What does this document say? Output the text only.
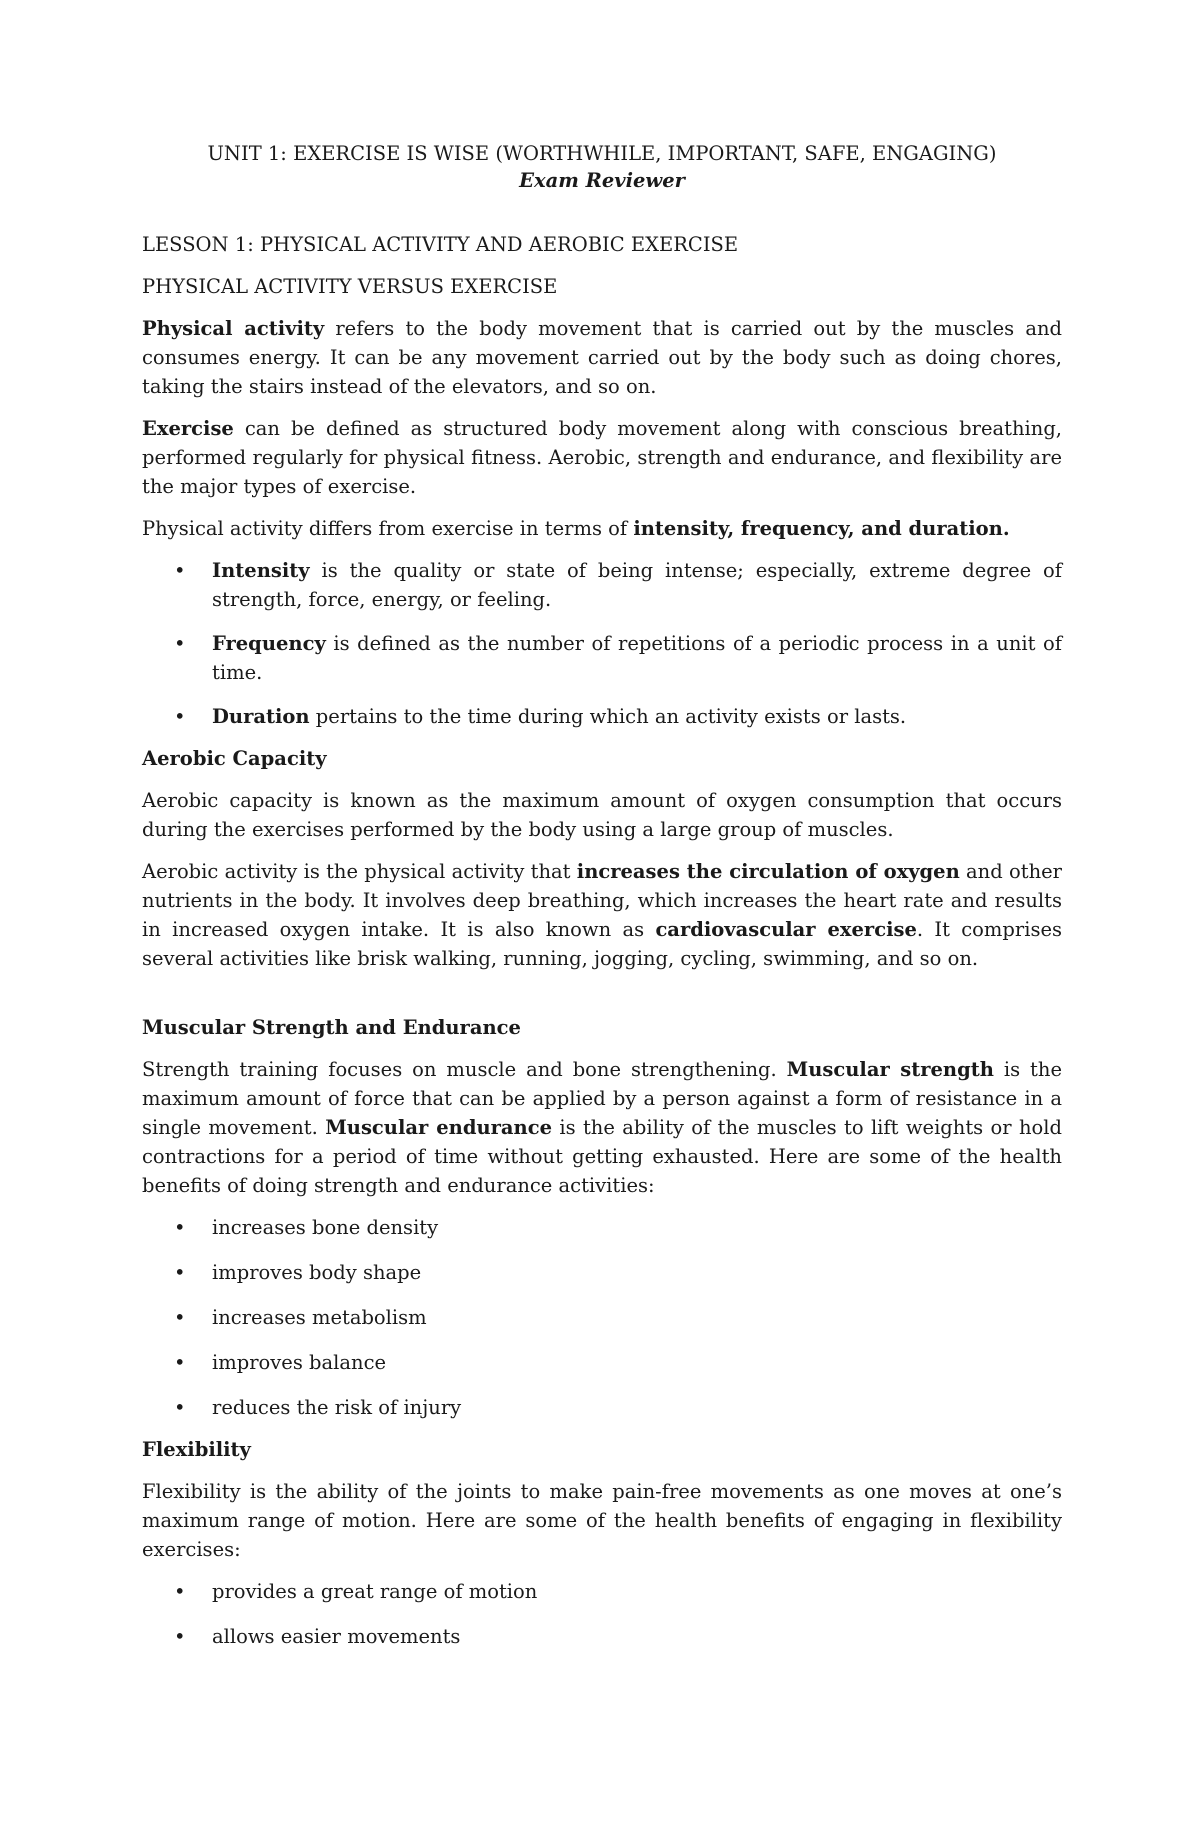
UNIT 1: EXERCISE IS WISE (WORTHWHILE, IMPORTANT, SAFE, ENGAGING)
Exam Reviewer
LESSON 1: PHYSICAL ACTIVITY AND AEROBIC EXERCISE
PHYSICAL ACTIVITY VERSUS EXERCISE

Physical activity refers to the body movement that is carried out by the muscles and consumes energy. It can be any movement carried out by the body such as doing chores, taking the stairs instead of the elevators, and so on.

Exercise can be defined as structured body movement along with conscious breathing, performed regularly for physical fitness. Aerobic, strength and endurance, and flexibility are the major types of exercise.

Physical activity differs from exercise in terms of intensity, frequency, and duration.

• Intensity is the quality or state of being intense; especially, extreme degree of strength, force, energy, or feeling.
• Frequency is defined as the number of repetitions of a periodic process in a unit of time.
• Duration pertains to the time during which an activity exists or lasts.
Aerobic Capacity

Aerobic capacity is known as the maximum amount of oxygen consumption that occurs during the exercises performed by the body using a large group of muscles.

Aerobic activity is the physical activity that increases the circulation of oxygen and other nutrients in the body. It involves deep breathing, which increases the heart rate and results in increased oxygen intake. It is also known as cardiovascular exercise. It comprises several activities like brisk walking, running, jogging, cycling, swimming, and so on.

Muscular Strength and Endurance

Strength training focuses on muscle and bone strengthening. Muscular strength is the maximum amount of force that can be applied by a person against a form of resistance in a single movement. Muscular endurance is the ability of the muscles to lift weights or hold contractions for a period of time without getting exhausted. Here are some of the health benefits of doing strength and endurance activities:

• increases bone density
• improves body shape
• increases metabolism
• improves balance
• reduces the risk of injury
Flexibility

Flexibility is the ability of the joints to make pain-free movements as one moves at one’s maximum range of motion. Here are some of the health benefits of engaging in flexibility exercises:

• provides a great range of motion
• allows easier movements
